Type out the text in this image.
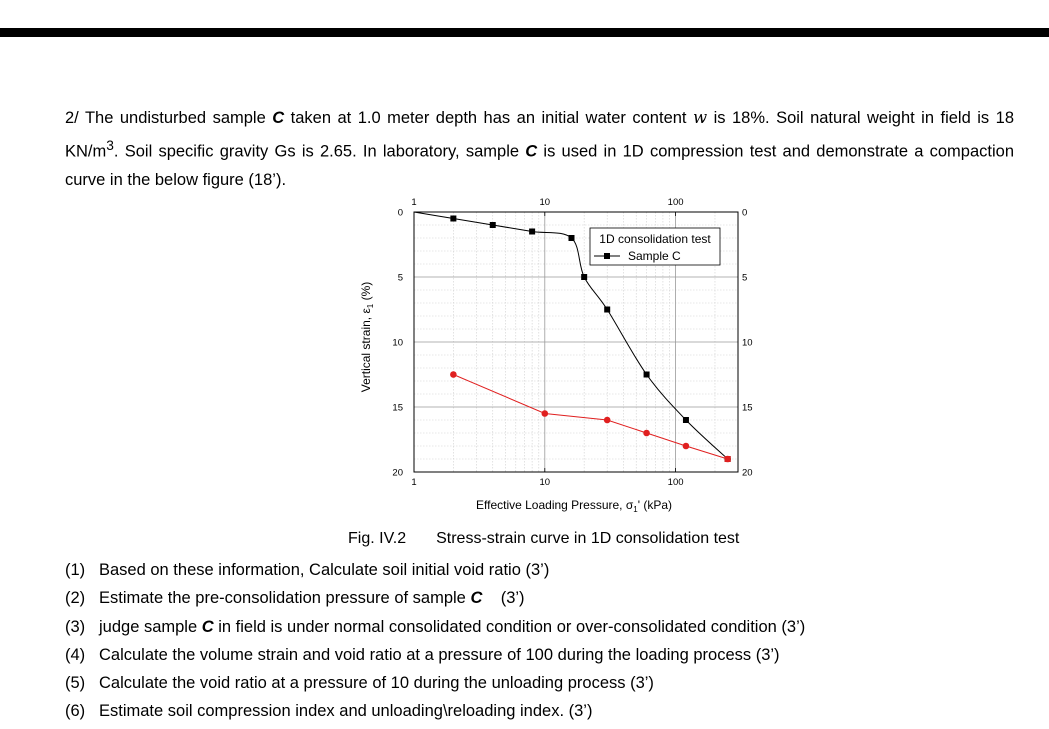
2/ The undisturbed sample C taken at 1.0 meter depth has an initial water content w is 18%. Soil natural weight in field is 18 $KN/m^3$. Soil specific gravity Gs is 2.65. In laboratory, sample C is used in 1D compression test and demonstrate a compaction curve in the below figure (18’).

1
1
10
10
100
100
0	0
5	5
10	10
15	15
20	20
1D consolidation test
Sample C
Effective Loading Pressure, $\sigma_1'$ (kPa)
Vertical strain, $\varepsilon_1$ (%)

Fig. IV.2 Stress-strain curve in 1D consolidation test

(1) Based on these information, Calculate soil initial void ratio (3’)
(2) Estimate the pre-consolidation pressure of sample C    (3’)
(3) judge sample C in field is under normal consolidated condition or over-consolidated condition (3’)
(4) Calculate the volume strain and void ratio at a pressure of 100 during the loading process (3’)
(5) Calculate the void ratio at a pressure of 10 during the unloading process (3’)
(6) Estimate soil compression index and unloading\reloading index. (3’)
